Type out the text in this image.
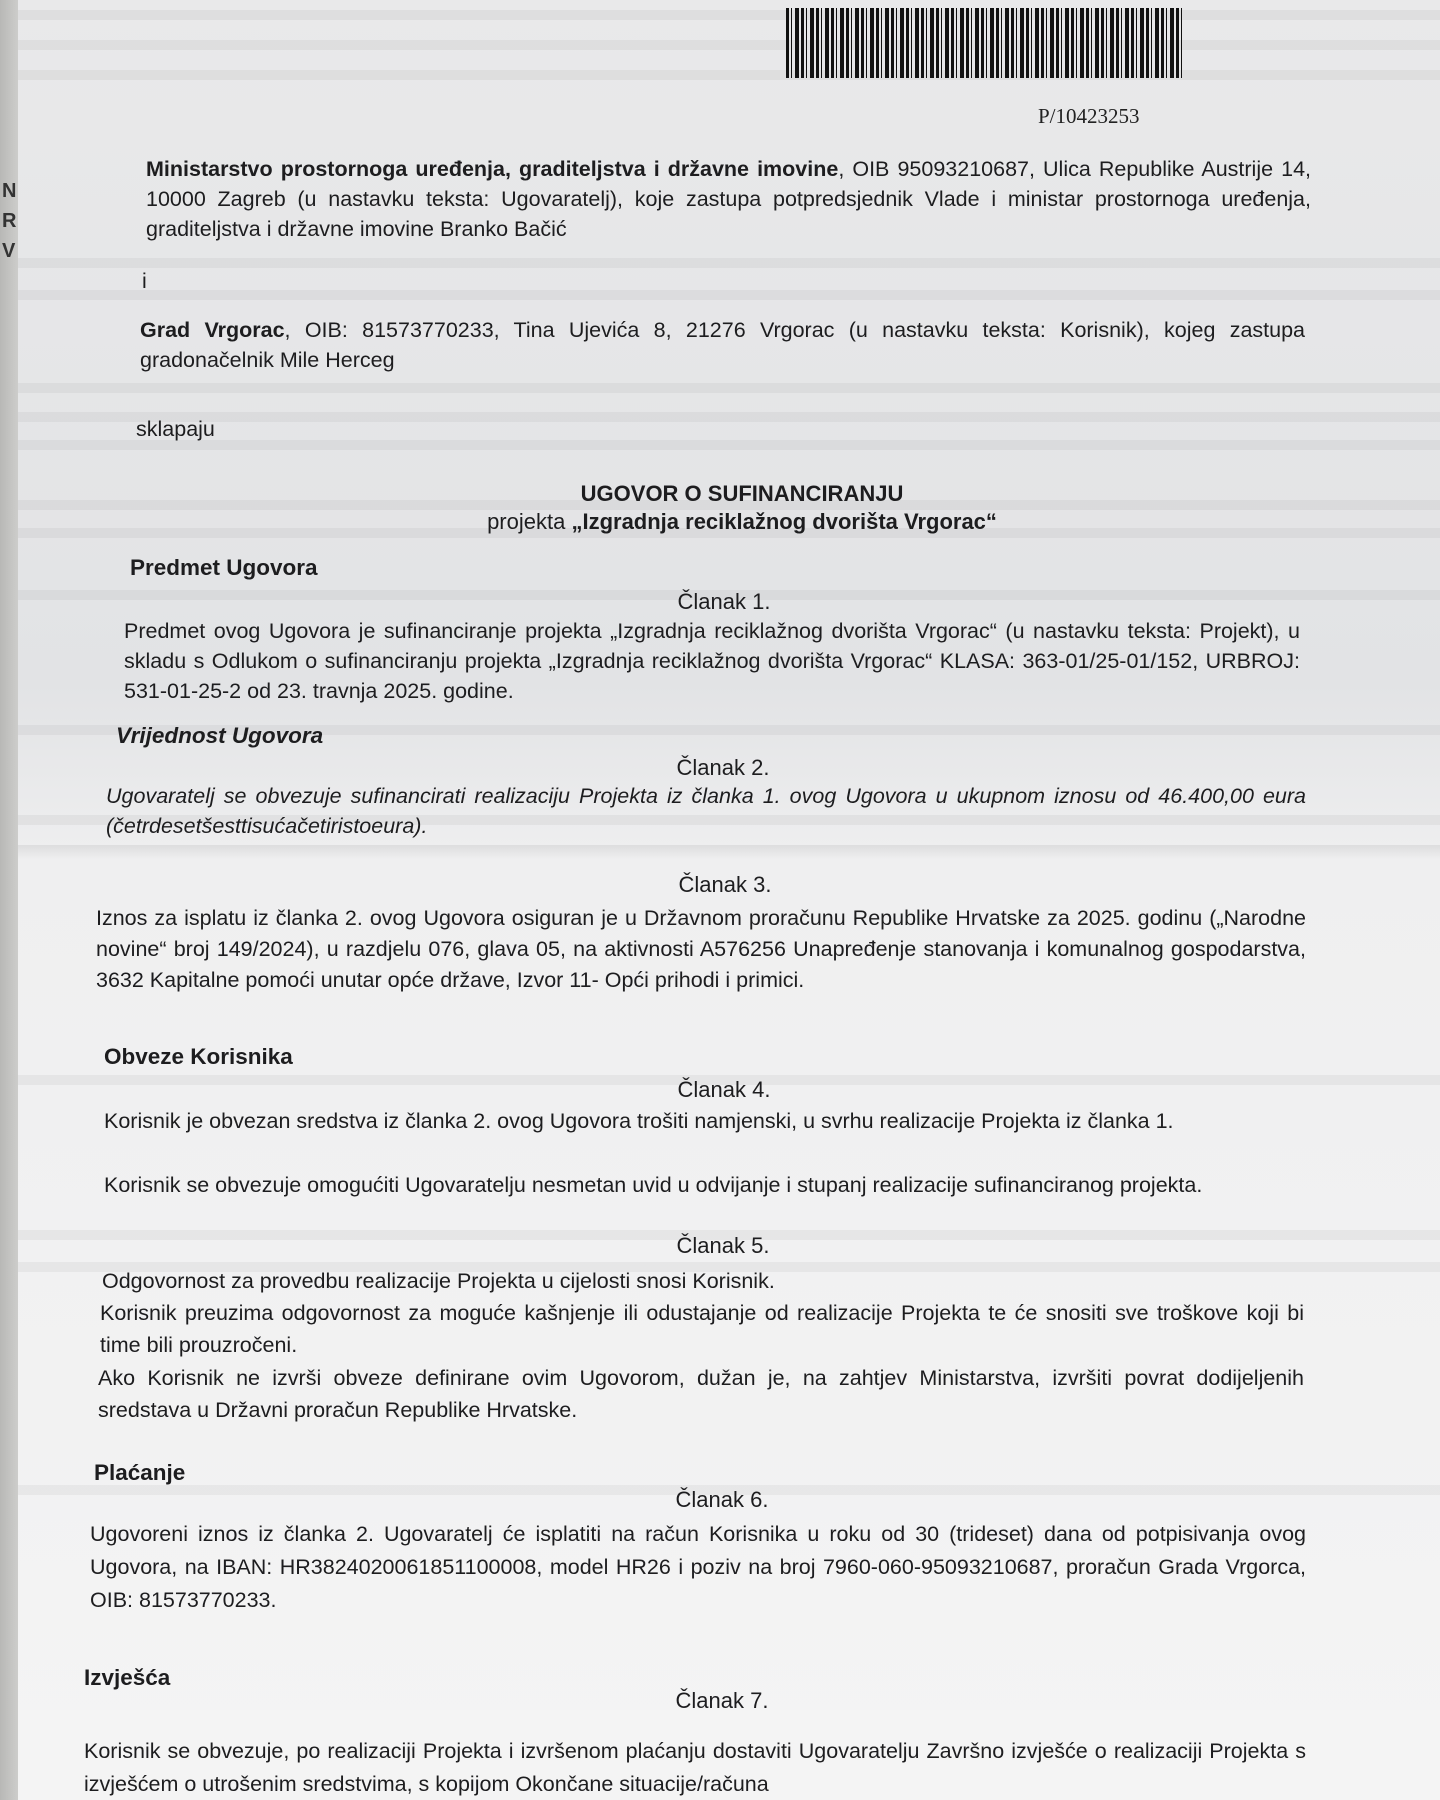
N
R
V
P/10423253
Ministarstvo prostornoga uređenja, graditeljstva i državne imovine, OIB 95093210687, Ulica Republike Austrije 14, 10000 Zagreb (u nastavku teksta: Ugovaratelj), koje zastupa potpredsjednik Vlade i ministar prostornoga uređenja, graditeljstva i državne imovine Branko Bačić
i
Grad Vrgorac, OIB: 81573770233, Tina Ujevića 8, 21276 Vrgorac (u nastavku teksta: Korisnik), kojeg zastupa gradonačelnik Mile Herceg
sklapaju
UGOVOR O SUFINANCIRANJU
projekta „Izgradnja reciklažnog dvorišta Vrgorac“
Predmet Ugovora
Članak 1.
Predmet ovog Ugovora je sufinanciranje projekta „Izgradnja reciklažnog dvorišta Vrgorac“ (u nastavku teksta: Projekt), u skladu s Odlukom o sufinanciranju projekta „Izgradnja reciklažnog dvorišta Vrgorac“ KLASA: 363-01/25-01/152, URBROJ: 531-01-25-2 od 23. travnja 2025. godine.
Vrijednost Ugovora
Članak 2.
Ugovaratelj se obvezuje sufinancirati realizaciju Projekta iz članka 1. ovog Ugovora u ukupnom iznosu od 46.400,00 eura (četrdesetšesttisućačetiristoeura).
Članak 3.
Iznos za isplatu iz članka 2. ovog Ugovora osiguran je u Državnom proračunu Republike Hrvatske za 2025. godinu („Narodne novine“ broj 149/2024), u razdjelu 076, glava 05, na aktivnosti A576256 Unapređenje stanovanja i komunalnog gospodarstva, 3632 Kapitalne pomoći unutar opće države, Izvor 11- Opći prihodi i primici.
Obveze Korisnika
Članak 4.
Korisnik je obvezan sredstva iz članka 2. ovog Ugovora trošiti namjenski, u svrhu realizacije Projekta iz članka 1.
Korisnik se obvezuje omogućiti Ugovaratelju nesmetan uvid u odvijanje i stupanj realizacije sufinanciranog projekta.
Članak 5.
Odgovornost za provedbu realizacije Projekta u cijelosti snosi Korisnik.
Korisnik preuzima odgovornost za moguće kašnjenje ili odustajanje od realizacije Projekta te će snositi sve troškove koji bi time bili prouzročeni.
Ako Korisnik ne izvrši obveze definirane ovim Ugovorom, dužan je, na zahtjev Ministarstva, izvršiti povrat dodijeljenih sredstava u Državni proračun Republike Hrvatske.
Plaćanje
Članak 6.
Ugovoreni iznos iz članka 2. Ugovaratelj će isplatiti na račun Korisnika u roku od 30 (trideset) dana od potpisivanja ovog Ugovora, na IBAN: HR3824020061851100008, model HR26 i poziv na broj 7960-060-95093210687, proračun Grada Vrgorca, OIB: 81573770233.
Izvješća
Članak 7.
Korisnik se obvezuje, po realizaciji Projekta i izvršenom plaćanju dostaviti Ugovaratelju Završno izvješće o realizaciji Projekta s izvješćem o utrošenim sredstvima, s kopijom Okončane situacije/računa
